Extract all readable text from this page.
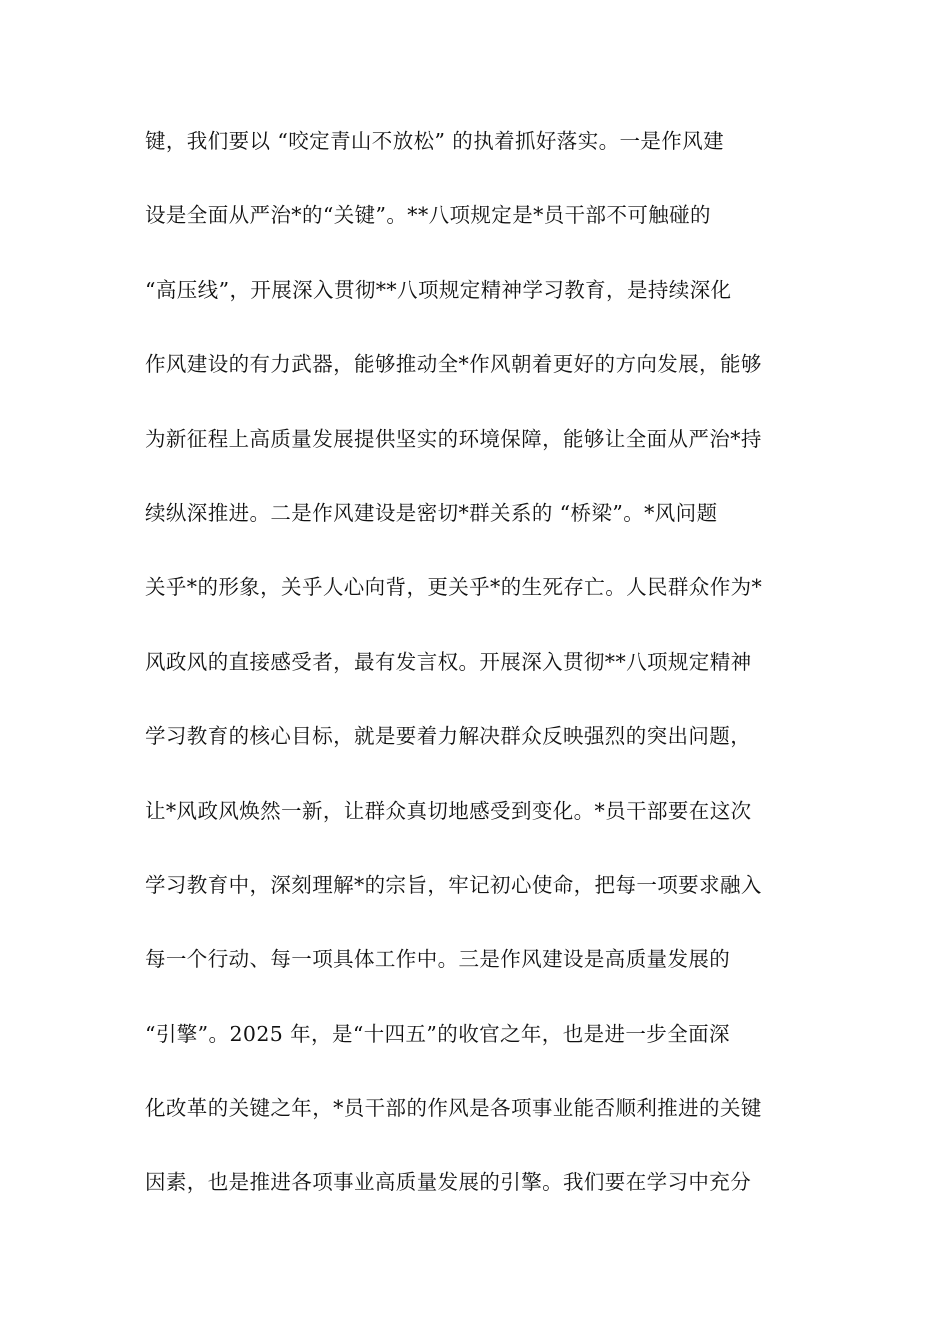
键，我们要以 “咬定青山不放松” 的执着抓好落实。一是作风建
设是全面从严治*的“关键”。**八项规定是*员干部不可触碰的
“高压线”，开展深入贯彻**八项规定精神学习教育，是持续深化
作风建设的有力武器，能够推动全*作风朝着更好的方向发展，能够
为新征程上高质量发展提供坚实的环境保障，能够让全面从严治*持
续纵深推进。二是作风建设是密切*群关系的 “桥梁”。*风问题
关乎*的形象，关乎人心向背，更关乎*的生死存亡。人民群众作为*
风政风的直接感受者，最有发言权。开展深入贯彻**八项规定精神
学习教育的核心目标，就是要着力解决群众反映强烈的突出问题，
让*风政风焕然一新，让群众真切地感受到变化。*员干部要在这次
学习教育中，深刻理解*的宗旨，牢记初心使命，把每一项要求融入
每一个行动、每一项具体工作中。三是作风建设是高质量发展的
“引擎”。2025 年，是“十四五”的收官之年，也是进一步全面深
化改革的关键之年，*员干部的作风是各项事业能否顺利推进的关键
因素，也是推进各项事业高质量发展的引擎。我们要在学习中充分
